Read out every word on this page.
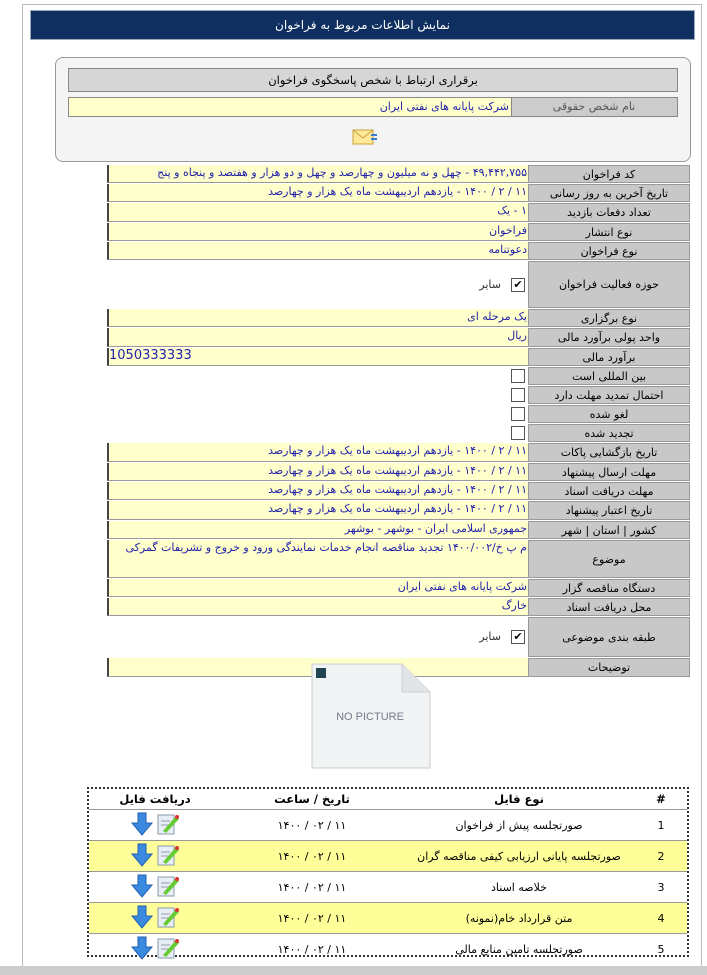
نمایش اطلاعات مربوط به فراخوان
برقراری ارتباط با شخص پاسخگوی فراخوان
نام شخص حقوقی
شرکت پایانه های نفتی ایران
کد فراخوان
۴۹,۴۴۲,۷۵۵ - چهل و نه میلیون و چهارصد و چهل و دو هزار و هفتصد و پنجاه و پنج
تاریخ آخرین به روز رسانی
۱۱ / ۲ / ۱۴۰۰ - یازدهم اردیبهشت ماه یک هزار و چهارصد
تعداد دفعات بازدید
۱ - یک
نوع انتشار
فراخوان
نوع فراخوان
دعوتنامه
حوزه فعالیت فراخوان
✔
سایر
نوع برگزاری
یک مرحله ای
واحد پولی برآورد مالی
ریال
برآورد مالی
1050333333
بین المللی است
احتمال تمدید مهلت دارد
لغو شده
تجدید شده
تاریخ بازگشایی پاکات
۱۱ / ۲ / ۱۴۰۰ - یازدهم اردیبهشت ماه یک هزار و چهارصد
مهلت ارسال پیشنهاد
۱۱ / ۲ / ۱۴۰۰ - یازدهم اردیبهشت ماه یک هزار و چهارصد
مهلت دریافت اسناد
۱۱ / ۲ / ۱۴۰۰ - یازدهم اردیبهشت ماه یک هزار و چهارصد
تاریخ اعتبار پیشنهاد
۱۱ / ۲ / ۱۴۰۰ - یازدهم اردیبهشت ماه یک هزار و چهارصد
کشور | استان | شهر
جمهوری اسلامی ایران - بوشهر - بوشهر
موضوع
م پ خ/۱۴۰۰/۰۰۲ تجدید مناقصه انجام خدمات نمایندگی ورود و خروج و تشریفات گمرکی
دستگاه مناقصه گزار
شرکت پایانه های نفتی ایران
محل دریافت اسناد
خارگ
طبقه بندی موضوعی
✔
سایر
توضیحات
NO PICTURE
#	نوع فایل	تاریخ / ساعت	دریافت فایل
1	صورتجلسه پیش از فراخوان	۱۱ / ۰۲ / ۱۴۰۰	

2	صورتجلسه پایانی ارزیابی کیفی مناقصه گران	۱۱ / ۰۲ / ۱۴۰۰	

3	خلاصه اسناد	۱۱ / ۰۲ / ۱۴۰۰	

4	متن قرارداد خام(نمونه)	۱۱ / ۰۲ / ۱۴۰۰	

5	صورتجلسه تامین منابع مالی	۱۱ / ۰۲ / ۱۴۰۰	
